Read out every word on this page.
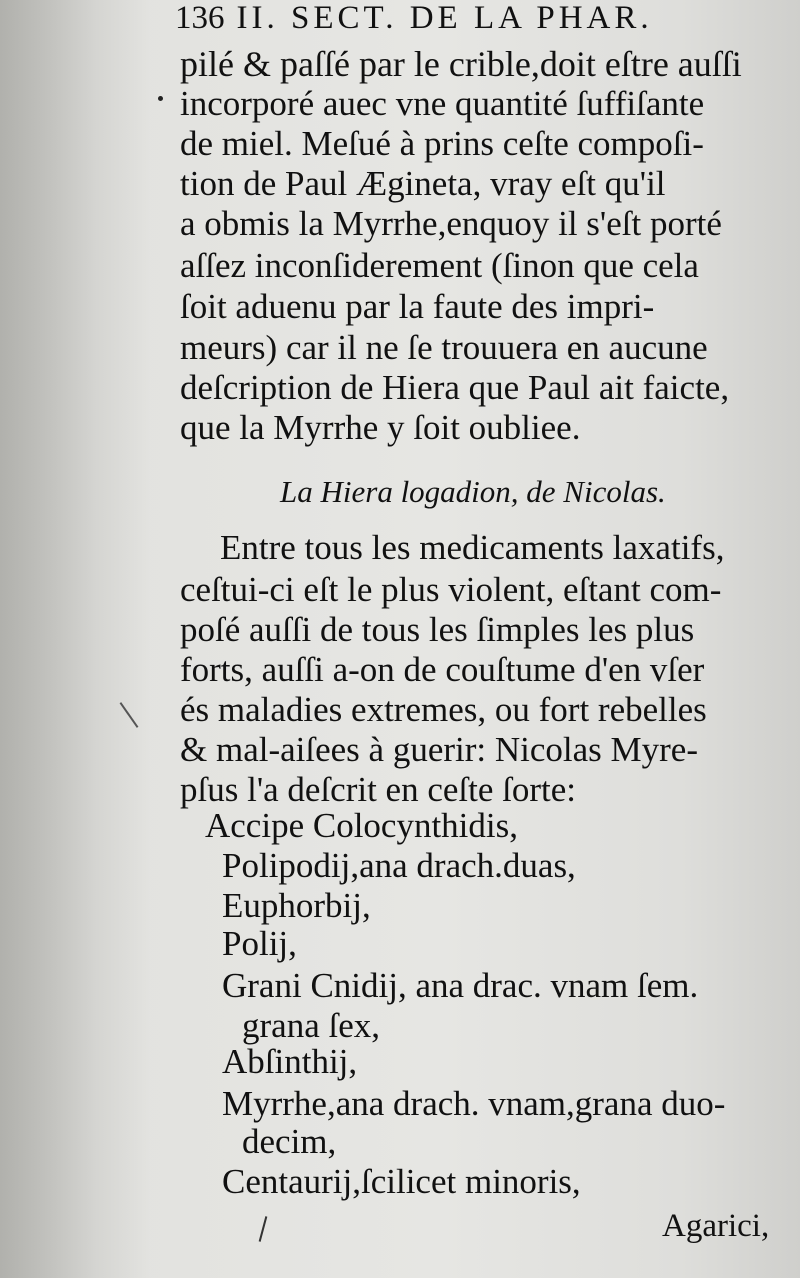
136 II. SECT. DE LA PHAR.
pilé & paſſé par le crible,doit eſtre auſſi
incorporé auec vne quantité ſuffiſante
de miel. Meſué à prins ceſte compoſi-
tion de Paul Ægineta, vray eſt qu'il
a obmis la Myrrhe,enquoy il s'eſt porté
aſſez inconſiderement (ſinon que cela
ſoit aduenu par la faute des impri-
meurs) car il ne ſe trouuera en aucune
deſcription de Hiera que Paul ait faicte,
que la Myrrhe y ſoit oubliee.
La Hiera logadion, de Nicolas.
Entre tous les medicaments laxatifs,
ceſtui-ci eſt le plus violent, eſtant com-
poſé auſſi de tous les ſimples les plus
forts, auſſi a-on de couſtume d'en vſer
és maladies extremes, ou fort rebelles
& mal-aiſees à guerir: Nicolas Myre-
pſus l'a deſcrit en ceſte ſorte:
Accipe Colocynthidis,
Polipodij,ana drach.duas,
Euphorbij,
Polij,
Grani Cnidij, ana drac. vnam ſem.
grana ſex,
Abſinthij,
Myrrhe,ana drach. vnam,grana duo-
decim,
Centaurij,ſcilicet minoris,
Agarici,
